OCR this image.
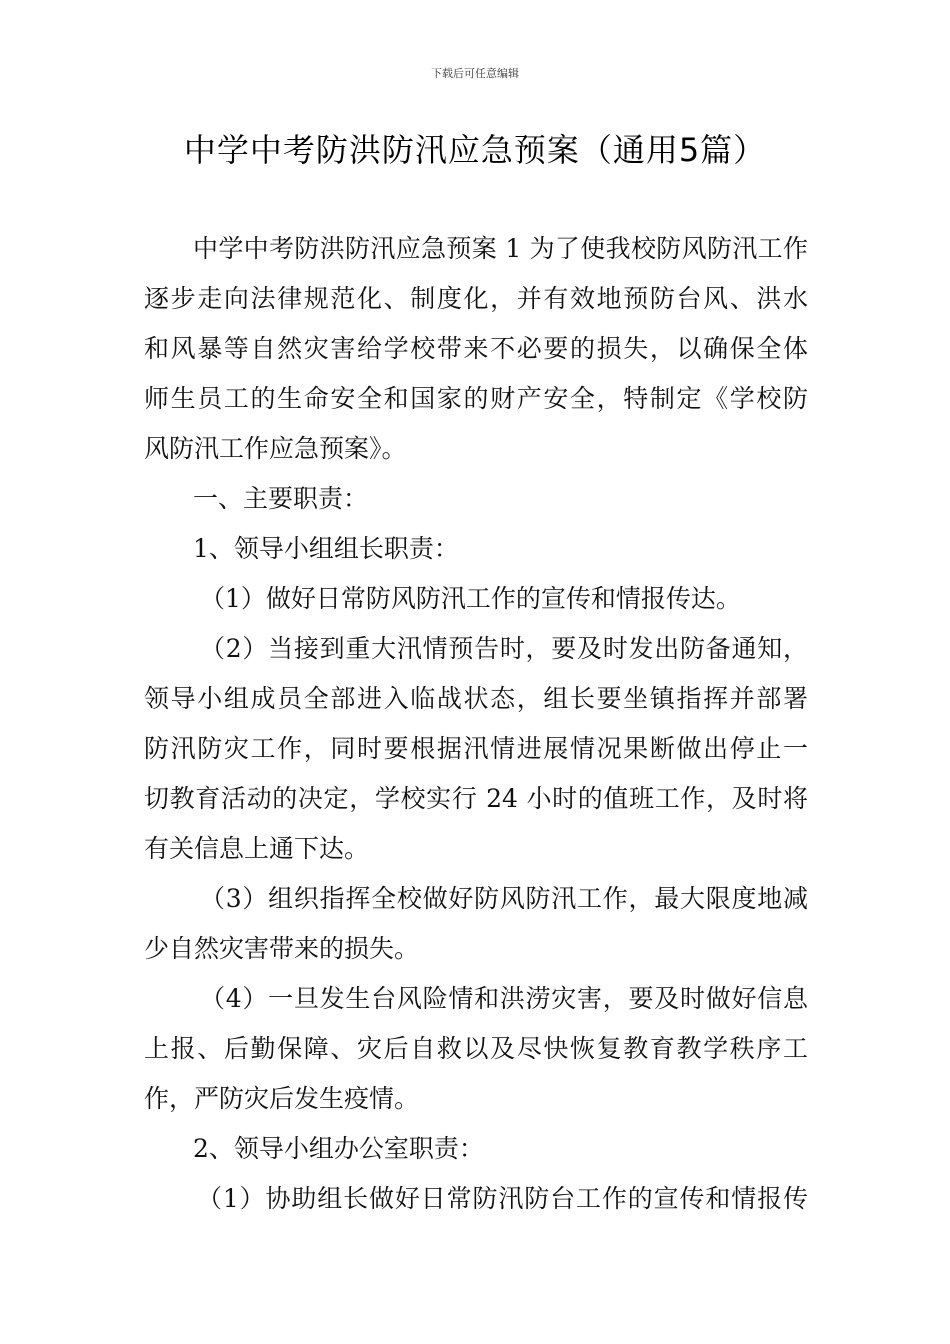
下载后可任意编辑
中学中考防洪防汛应急预案（通用5篇）
中学中考防洪防汛应急预案 1 为了使我校防风防汛工作
逐步走向法律规范化、制度化，并有效地预防台风、洪水
和风暴等自然灾害给学校带来不必要的损失，以确保全体
师生员工的生命安全和国家的财产安全，特制定《学校防
风防汛工作应急预案》。
一、主要职责：
1、领导小组组长职责：
（1）做好日常防风防汛工作的宣传和情报传达。
（2）当接到重大汛情预告时，要及时发出防备通知，
领导小组成员全部进入临战状态，组长要坐镇指挥并部署
防汛防灾工作，同时要根据汛情进展情况果断做出停止一
切教育活动的决定，学校实行 24 小时的值班工作，及时将
有关信息上通下达。
（3）组织指挥全校做好防风防汛工作，最大限度地减
少自然灾害带来的损失。
（4）一旦发生台风险情和洪涝灾害，要及时做好信息
上报、后勤保障、灾后自救以及尽快恢复教育教学秩序工
作，严防灾后发生疫情。
2、领导小组办公室职责：
（1）协助组长做好日常防汛防台工作的宣传和情报传
